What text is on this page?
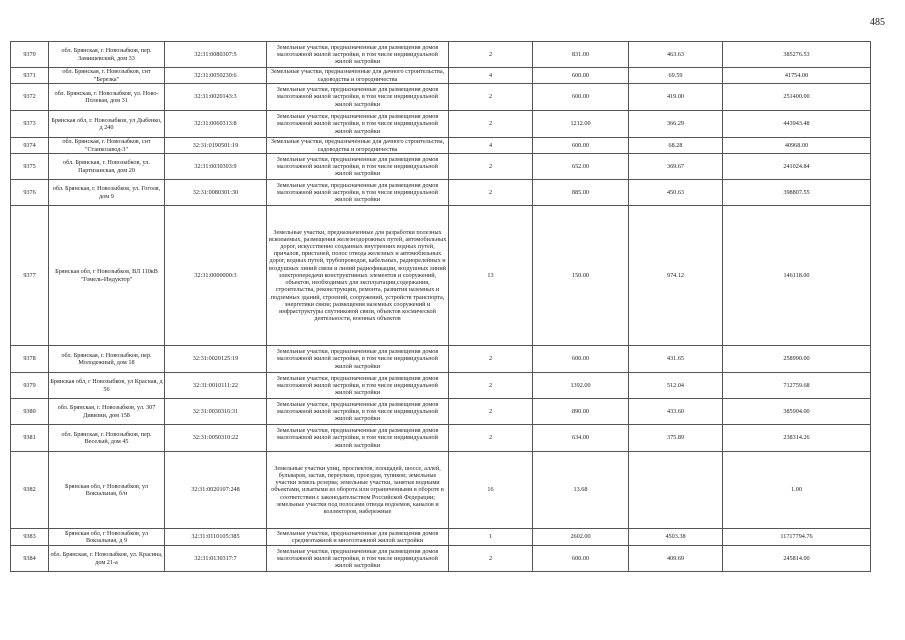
485
9370	обл. Брянская, г. Новозыбков, пер. Замишевский, дом 33	32:31:0080307:5	Земельные участки, предназначенные для размещения домов малоэтажной жилой застройки, в том числе индивидуальной жилой застройки	2	831.00	463.63	385276.53
9371	обл. Брянская, г. Новозыбков, снт "Березка"	32:31:0050230:6	Земельные участки, предназначенные для дачного строительства, садоводства и огородничества	4	600.00	69.59	41754.00
9372	обл. Брянская, г. Новозыбков, ул. Ново-Полевая, дом 31	32:31:0020143:3	Земельные участки, предназначенные для размещения домов малоэтажной жилой застройки, в том числе индивидуальной жилой застройки	2	600.00	419.00	251400.00
9373	Брянская обл, г. Новозыбков, ул Дыбенко, д 240	32:31:0060313:8	Земельные участки, предназначенные для размещения домов малоэтажной жилой застройки, в том числе индивидуальной жилой застройки	2	1212.00	366.29	443943.48
9374	обл. Брянская, г. Новозыбков, снт "Станкозавод-3"	32:31:0190501:19	Земельные участки, предназначенные для дачного строительства, садоводства и огородничества	4	600.00	68.28	40968.00
9375	обл. Брянская, г. Новозыбков, ул. Партизанская, дом 20	32:31:0030303:9	Земельные участки, предназначенные для размещения домов малоэтажной жилой застройки, в том числе индивидуальной жилой застройки	2	652.00	369.67	241024.84
9376	обл. Брянская, г. Новозыбков, ул. Гоголя, дом 9	32:31:0080301:30	Земельные участки, предназначенные для размещения домов малоэтажной жилой застройки, в том числе индивидуальной жилой застройки	2	885.00	450.63	398807.55
9377	Брянская обл, г Новозыбков, ВЛ 110кВ "Гомель-Индуктор"	32:31:0000000:3	Земельные участки, предназначенные для разработки полезных ископаемых, размещения железнодорожных путей, автомобильных дорог, искусственно созданных внутренних водных путей, причалов, пристаней, полос отвода железных и автомобильных дорог, водных путей, трубопроводов, кабельных, радиорелейных и воздушных линий связи и линий радиофикации, воздушных линий электропередачи конструктивных элементов и сооружений, объектов, необходимых для эксплуатации,содержания, строительства, реконструкции, ремонта, развития наземных и подземных зданий, строений, сооружений, устройств транспорта, энергетики связи; размещения наземных сооружений и инфраструктуры спутниковой связи, объектов космической деятельности, военных объектов	13	150.00	974.12	146118.00
9378	обл. Брянская, г. Новозыбков, пер. Молодежный, дом 18	32:31:0020125:19	Земельные участки, предназначенные для размещения домов малоэтажной жилой застройки, в том числе индивидуальной жилой застройки	2	600.00	431.65	258990.00
9379	Брянская обл, г Новозыбков, ул Красная, д 56	32:31:0010111:22	Земельные участки, предназначенные для размещения домов малоэтажной жилой застройки, в том числе индивидуальной жилой застройки	2	1392.00	512.04	712759.68
9380	обл. Брянская, г. Новозыбков, ул. 307 Дивизии, дом 158	32:31:0030316:31	Земельные участки, предназначенные для размещения домов малоэтажной жилой застройки, в том числе индивидуальной жилой застройки	2	890.00	433.60	385904.00
9381	обл. Брянская, г. Новозыбков, пер. Веселый, дом 45	32:31:0050310:22	Земельные участки, предназначенные для размещения домов малоэтажной жилой застройки, в том числе индивидуальной жилой застройки	2	634.00	375.89	238314.26
9382	Брянская обл, г Новозыбков, ул Вокзальная, б/н	32:31:0020107:248	Земельные участки улиц, проспектов, площадей, шоссе, аллей, бульваров, застав, переулков, проездов, тупиков; земельные участки земель резерва; земельные участки, занятые водными объектами, изъятыми из оборота или ограниченными в обороте в соответствии с законодательством Российской Федерации; земельные участки под полосами отвода водоемов, каналов и коллекторов, набережные	16	13.68		1.00
9383	Брянская обл, г Новозыбков, ул Вокзальная, д 9	32:31:0110105:385	Земельные участки, предназначенные для размещения домов среднеэтажной и многоэтажной жилой застройки	1	2602.00	4503.38	11717794.76
9384	обл. Брянская, г. Новозыбков, ул. Красина, дом 21-а	32:31:0130317:7	Земельные участки, предназначенные для размещения домов малоэтажной жилой застройки, в том числе индивидуальной жилой застройки	2	600.00	409.69	245814.00
